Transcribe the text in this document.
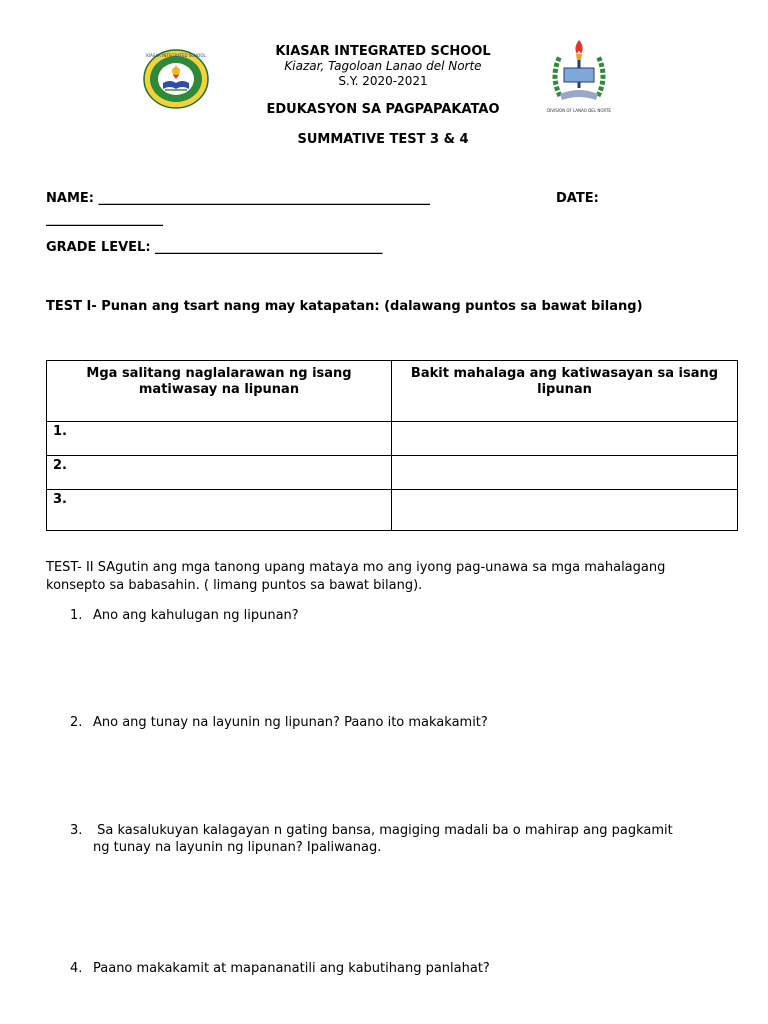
KIASAR INTEGRATED SCHOOL	KIASAR INTEGRATED SCHOOL
Kiazar, Tagoloan Lanao del Norte
S.Y. 2020-2021
EDUKASYON SA PAGPAPAKATAO
SUMMATIVE TEST 3 & 4
DIVISION OF LANAO DEL NORTE
NAME: ___________________________________________________	DATE:
__________________
GRADE LEVEL: ___________________________________
TEST I- Punan ang tsart nang may katapatan: (dalawang puntos sa bawat bilang)
Mga salitang naglalarawan ng isang matiwasay na lipunan	Bakit mahalaga ang katiwasayan sa isang lipunan
1.	
2.	
3.	
TEST- II SAgutin ang mga tanong upang mataya mo ang iyong pag-unawa sa mga mahalagang konsepto sa babasahin. ( limang puntos sa bawat bilang).
1. Ano ang kahulugan ng lipunan?
2. Ano ang tunay na layunin ng lipunan? Paano ito makakamit?
3. Sa kasalukuyan kalagayan n gating bansa, magiging madali ba o mahirap ang pagkamit ng tunay na layunin ng lipunan? Ipaliwanag.
4. Paano makakamit at mapananatili ang kabutihang panlahat?
